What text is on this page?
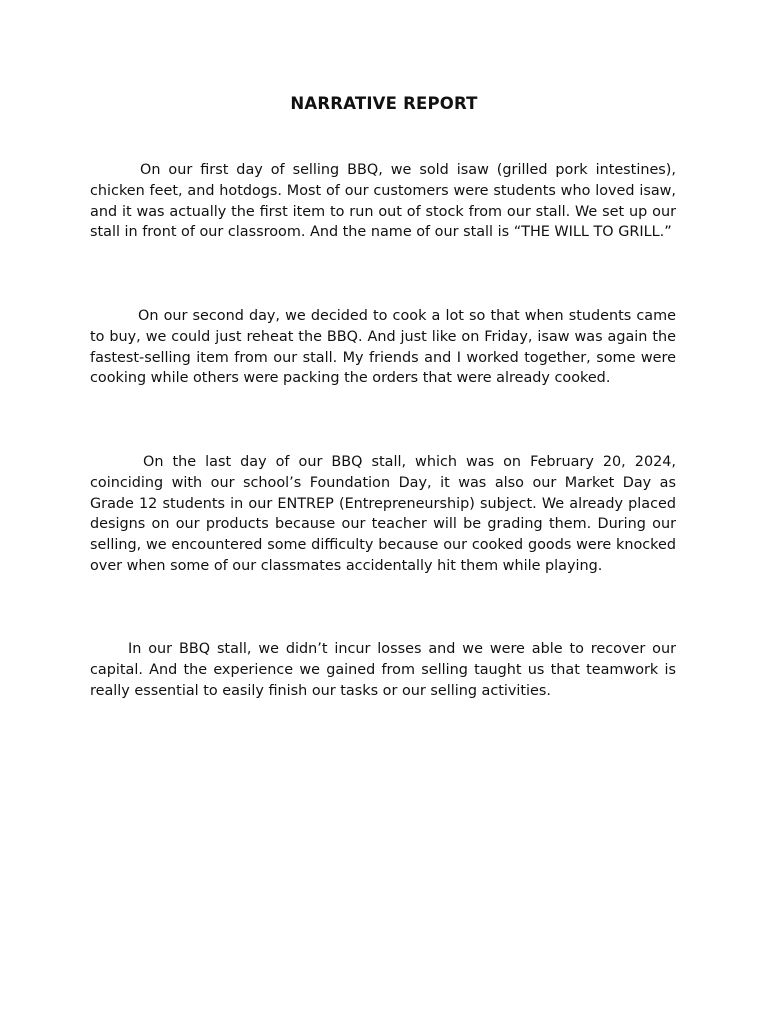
NARRATIVE REPORT

On our first day of selling BBQ, we sold isaw (grilled pork intestines), chicken feet, and hotdogs. Most of our customers were students who loved isaw, and it was actually the first item to run out of stock from our stall. We set up our stall in front of our classroom. And the name of our stall is “THE WILL TO GRILL.”

On our second day, we decided to cook a lot so that when students came to buy, we could just reheat the BBQ. And just like on Friday, isaw was again the fastest-selling item from our stall. My friends and I worked together, some were cooking while others were packing the orders that were already cooked.

On the last day of our BBQ stall, which was on February 20, 2024, coinciding with our school’s Foundation Day, it was also our Market Day as Grade 12 students in our ENTREP (Entrepreneurship) subject. We already placed designs on our products because our teacher will be grading them. During our selling, we encountered some difficulty because our cooked goods were knocked over when some of our classmates accidentally hit them while playing.

In our BBQ stall, we didn’t incur losses and we were able to recover our capital. And the experience we gained from selling taught us that teamwork is really essential to easily finish our tasks or our selling activities.
